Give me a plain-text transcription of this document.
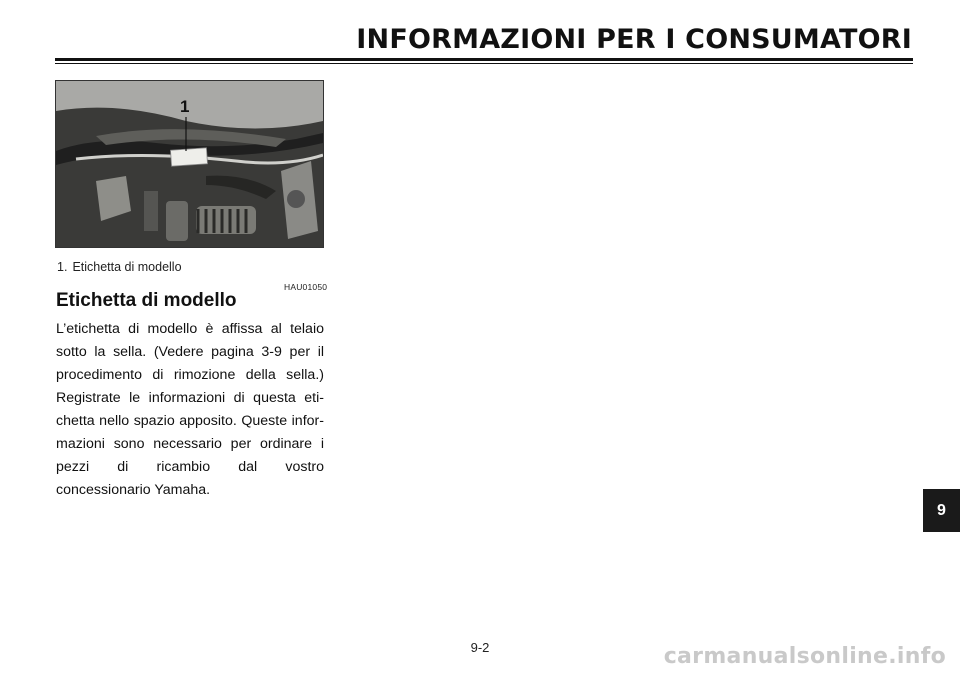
INFORMAZIONI PER I CONSUMATORI
1
1. Etichetta di modello
HAU01050
Etichetta di modello

L’etichetta di modello è affissa al telaio sotto la sella. (Vedere pagina 3-9 per il procedimento di rimozione della sella.) Registrate le informazioni di questa etichetta nello spazio apposito. Queste informazioni sono necessario per ordinare i pezzi di ricambio dal vostro concessionario Yamaha.

9
9-2	carmanualsonline.info
